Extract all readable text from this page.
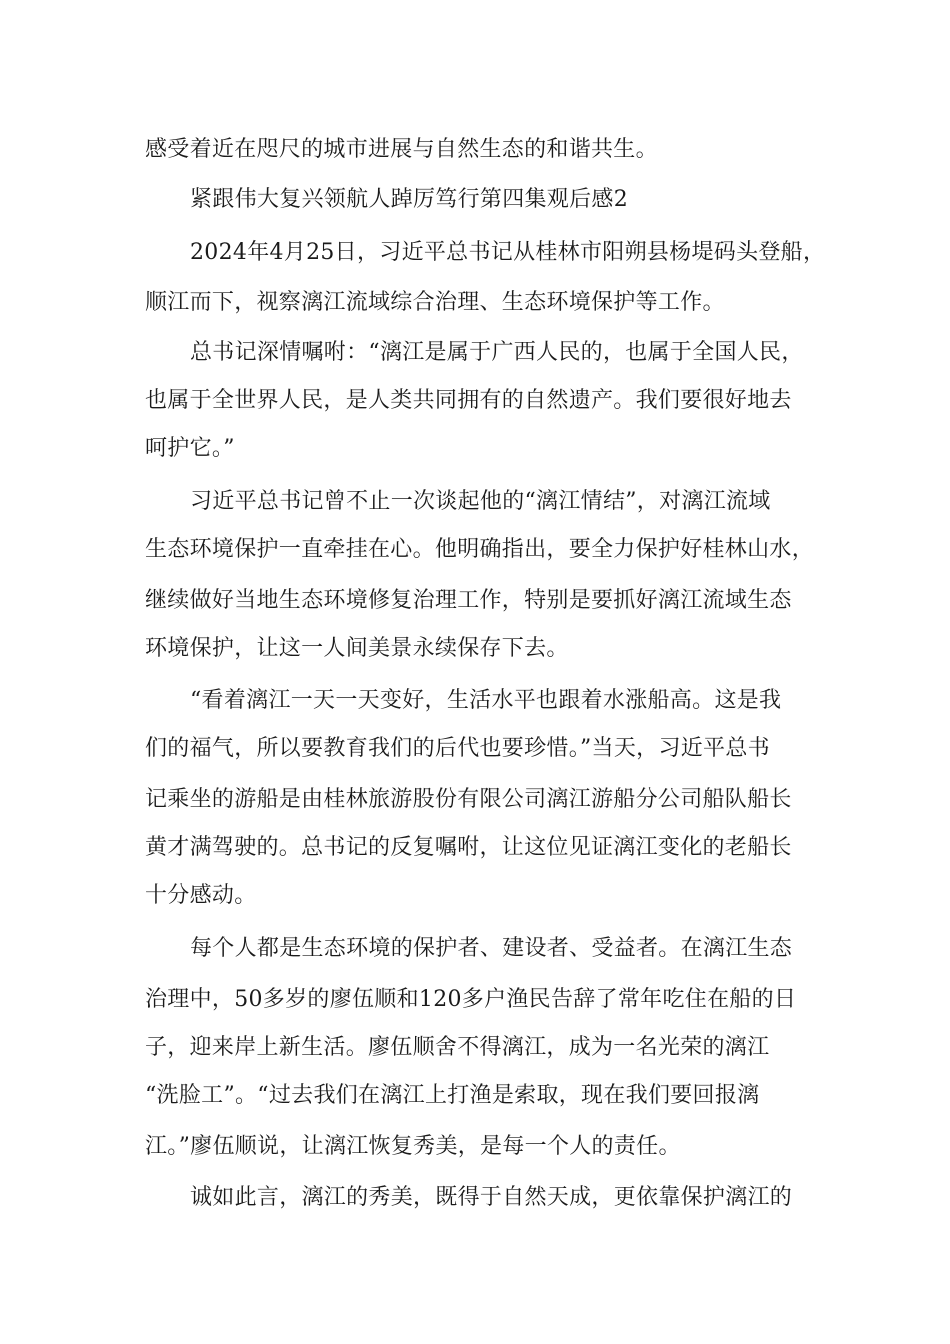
感受着近在咫尺的城市进展与自然生态的和谐共生。
紧跟伟大复兴领航人踔厉笃行第四集观后感2
2024年4月25日，习近平总书记从桂林市阳朔县杨堤码头登船，
顺江而下，视察漓江流域综合治理、生态环境保护等工作。
总书记深情嘱咐：“漓江是属于广西人民的，也属于全国人民，
也属于全世界人民，是人类共同拥有的自然遗产。我们要很好地去
呵护它。”
习近平总书记曾不止一次谈起他的“漓江情结”，对漓江流域
生态环境保护一直牵挂在心。他明确指出，要全力保护好桂林山水，
继续做好当地生态环境修复治理工作，特别是要抓好漓江流域生态
环境保护，让这一人间美景永续保存下去。
“看着漓江一天一天变好，生活水平也跟着水涨船高。这是我
们的福气，所以要教育我们的后代也要珍惜。”当天，习近平总书
记乘坐的游船是由桂林旅游股份有限公司漓江游船分公司船队船长
黄才满驾驶的。总书记的反复嘱咐，让这位见证漓江变化的老船长
十分感动。
每个人都是生态环境的保护者、建设者、受益者。在漓江生态
治理中，50多岁的廖伍顺和120多户渔民告辞了常年吃住在船的日
子，迎来岸上新生活。廖伍顺舍不得漓江，成为一名光荣的漓江
“洗脸工”。“过去我们在漓江上打渔是索取，现在我们要回报漓
江。”廖伍顺说，让漓江恢复秀美，是每一个人的责任。
诚如此言，漓江的秀美，既得于自然天成，更依靠保护漓江的
